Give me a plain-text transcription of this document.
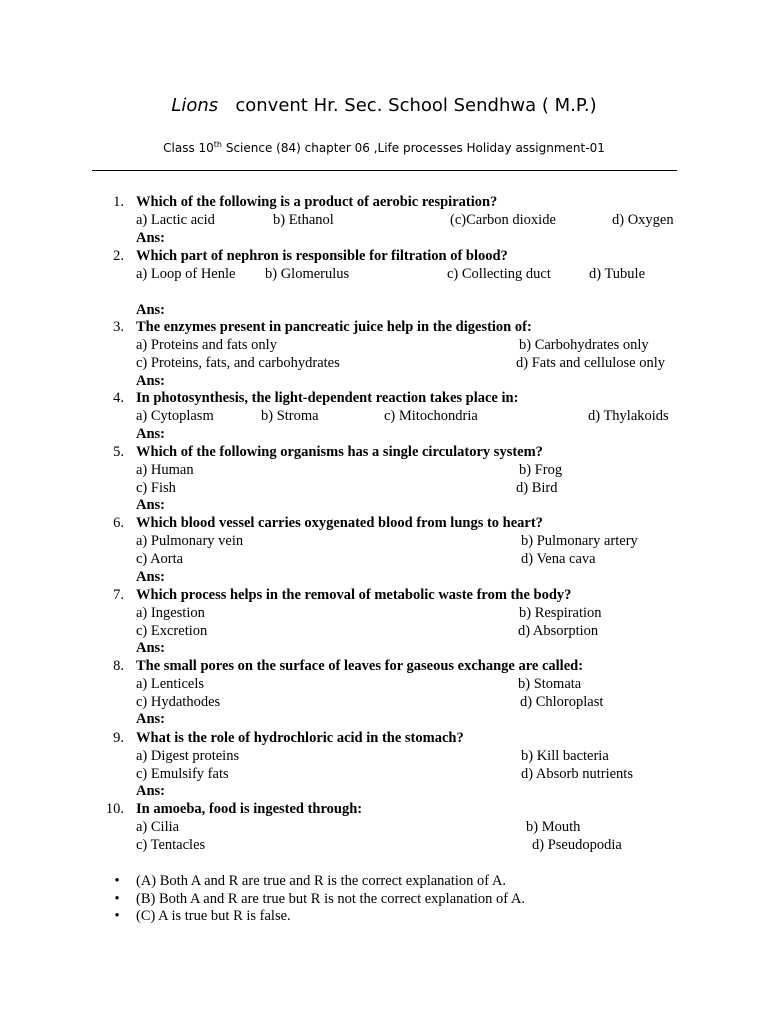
Lions convent Hr. Sec. School Sendhwa ( M.P.)
Class 10th Science (84) chapter 06 ,Life processes Holiday assignment-01
1. Which of the following is a product of aerobic respiration?
a) Lactic acid	b) Ethanol	(c)Carbon dioxide	d) Oxygen
Ans:
2. Which part of nephron is responsible for filtration of blood?
a) Loop of Henle b) Glomerulus	c) Collecting duct	d) Tubule
Ans:
3. The enzymes present in pancreatic juice help in the digestion of:
a) Proteins and fats only	b) Carbohydrates only
c) Proteins, fats, and carbohydrates	d) Fats and cellulose only
Ans:
4. In photosynthesis, the light-dependent reaction takes place in:
a) Cytoplasm	b) Stroma	c) Mitochondria	d) Thylakoids
Ans:
5. Which of the following organisms has a single circulatory system?
a) Human	b) Frog
c) Fish	d) Bird
Ans:
6. Which blood vessel carries oxygenated blood from lungs to heart?
a) Pulmonary vein	b) Pulmonary artery
c) Aorta	d) Vena cava
Ans:
7. Which process helps in the removal of metabolic waste from the body?
a) Ingestion	b) Respiration
c) Excretion	d) Absorption
Ans:
8. The small pores on the surface of leaves for gaseous exchange are called:
a) Lenticels	b) Stomata
c) Hydathodes	d) Chloroplast
Ans:
9. What is the role of hydrochloric acid in the stomach?
a) Digest proteins	b) Kill bacteria
c) Emulsify fats	d) Absorb nutrients
Ans:
10. In amoeba, food is ingested through:
a) Cilia	b) Mouth
c) Tentacles	d) Pseudopodia
• (A) Both A and R are true and R is the correct explanation of A.
• (B) Both A and R are true but R is not the correct explanation of A.
• (C) A is true but R is false.
